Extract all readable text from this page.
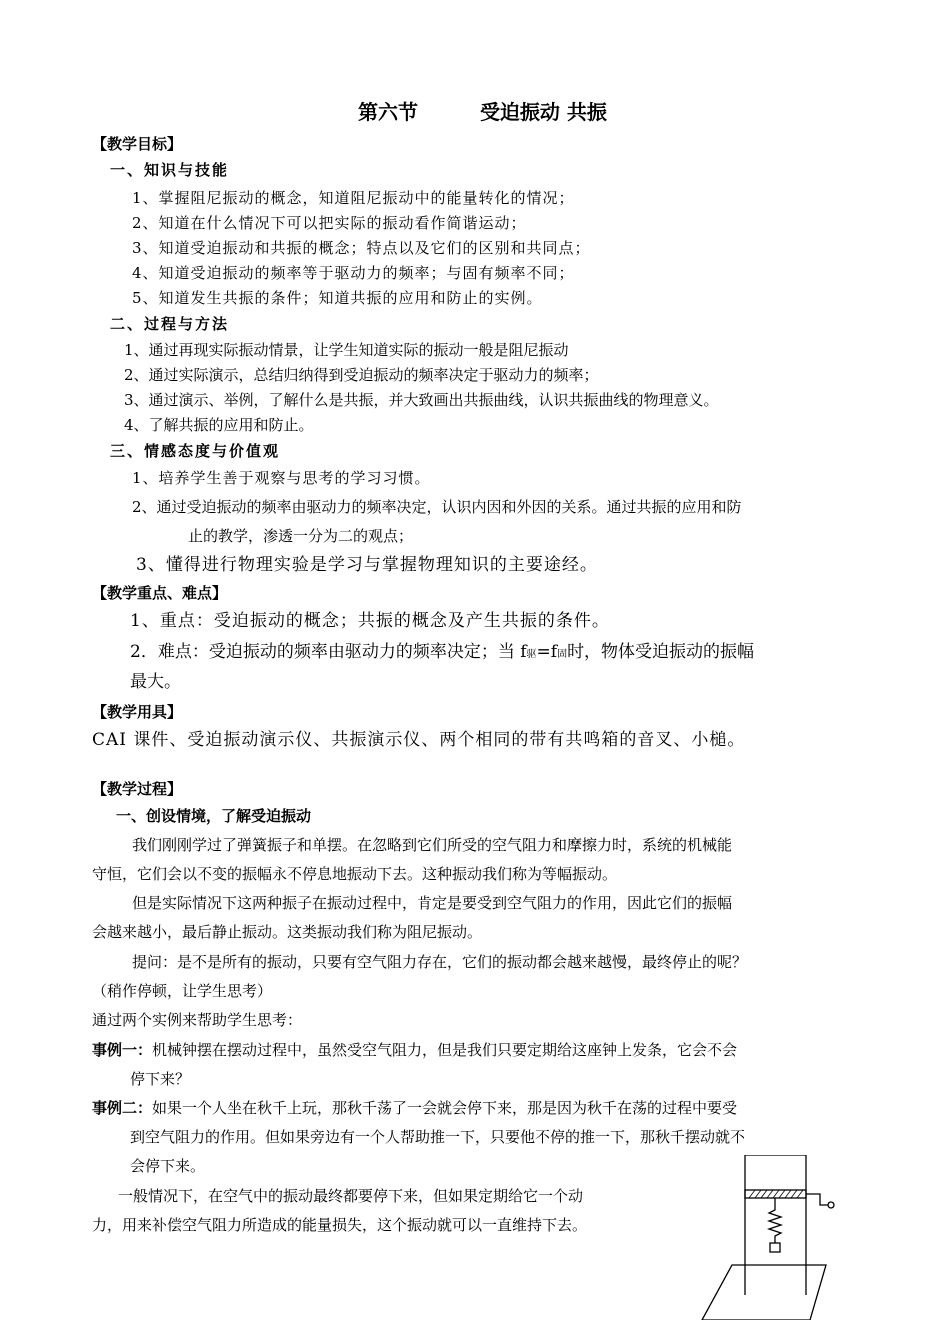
第六节	受迫振动 共振
【教学目标】
一、知识与技能
1、掌握阻尼振动的概念，知道阻尼振动中的能量转化的情况；
2、知道在什么情况下可以把实际的振动看作简谐运动；
3、知道受迫振动和共振的概念；特点以及它们的区别和共同点；
4、知道受迫振动的频率等于驱动力的频率；与固有频率不同；
5、知道发生共振的条件；知道共振的应用和防止的实例。
二、过程与方法
1、通过再现实际振动情景，让学生知道实际的振动一般是阻尼振动
2、通过实际演示，总结归纳得到受迫振动的频率决定于驱动力的频率；
3、通过演示、举例，了解什么是共振，并大致画出共振曲线，认识共振曲线的物理意义。
4、了解共振的应用和防止。
三、情感态度与价值观
1、培养学生善于观察与思考的学习习惯。
2、通过受迫振动的频率由驱动力的频率决定，认识内因和外因的关系。通过共振的应用和防
止的教学，渗透一分为二的观点；
3、懂得进行物理实验是学习与掌握物理知识的主要途经。
【教学重点、难点】
1、重点：受迫振动的概念；共振的概念及产生共振的条件。
2．难点：受迫振动的频率由驱动力的频率决定；当 f驱=f固时，物体受迫振动的振幅
最大。
【教学用具】
CAI 课件、受迫振动演示仪、共振演示仪、两个相同的带有共鸣箱的音叉、小槌。
【教学过程】
一、创设情境，了解受迫振动
我们刚刚学过了弹簧振子和单摆。在忽略到它们所受的空气阻力和摩擦力时，系统的机械能
守恒，它们会以不变的振幅永不停息地振动下去。这种振动我们称为等幅振动。
但是实际情况下这两种振子在振动过程中，肯定是要受到空气阻力的作用，因此它们的振幅
会越来越小，最后静止振动。这类振动我们称为阻尼振动。
提问：是不是所有的振动，只要有空气阻力存在，它们的振动都会越来越慢，最终停止的呢？
（稍作停顿，让学生思考）
通过两个实例来帮助学生思考：
事例一：机械钟摆在摆动过程中，虽然受空气阻力，但是我们只要定期给这座钟上发条，它会不会
停下来？
事例二：如果一个人坐在秋千上玩，那秋千荡了一会就会停下来，那是因为秋千在荡的过程中要受
到空气阻力的作用。但如果旁边有一个人帮助推一下，只要他不停的推一下，那秋千摆动就不
会停下来。
一般情况下，在空气中的振动最终都要停下来，但如果定期给它一个动
力，用来补偿空气阻力所造成的能量损失，这个振动就可以一直维持下去。
